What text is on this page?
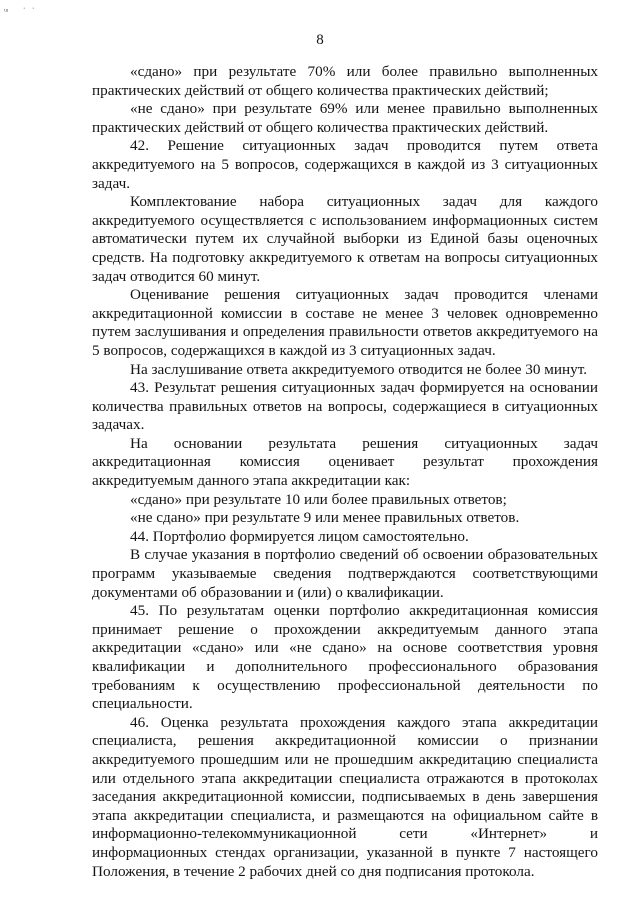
ᵚ ˈˈ
8

«сдано» при результате 70% или более правильно выполненных практических действий от общего количества практических действий;

«не сдано» при результате 69% или менее правильно выполненных практических действий от общего количества практических действий.

42. Решение ситуационных задач проводится путем ответа аккредитуемого на 5 вопросов, содержащихся в каждой из 3 ситуационных задач.

Комплектование набора ситуационных задач для каждого аккредитуемого осуществляется с использованием информационных систем автоматически путем их случайной выборки из Единой базы оценочных средств. На подготовку аккредитуемого к ответам на вопросы ситуационных задач отводится 60 минут.

Оценивание решения ситуационных задач проводится членами аккредитационной комиссии в составе не менее 3 человек одновременно путем заслушивания и определения правильности ответов аккредитуемого на 5 вопросов, содержащихся в каждой из 3 ситуационных задач.

На заслушивание ответа аккредитуемого отводится не более 30 минут.

43. Результат решения ситуационных задач формируется на основании количества правильных ответов на вопросы, содержащиеся в ситуационных задачах.

На основании результата решения ситуационных задач аккредитационная комиссия оценивает результат прохождения аккредитуемым данного этапа аккредитации как:

«сдано» при результате 10 или более правильных ответов;

«не сдано» при результате 9 или менее правильных ответов.

44. Портфолио формируется лицом самостоятельно.

В случае указания в портфолио сведений об освоении образовательных программ указываемые сведения подтверждаются соответствующими документами об образовании и (или) о квалификации.

45. По результатам оценки портфолио аккредитационная комиссия принимает решение о прохождении аккредитуемым данного этапа аккредитации «сдано» или «не сдано» на основе соответствия уровня квалификации и дополнительного профессионального образования требованиям к осуществлению профессиональной деятельности по специальности.

46. Оценка результата прохождения каждого этапа аккредитации специалиста, решения аккредитационной комиссии о признании аккредитуемого прошедшим или не прошедшим аккредитацию специалиста или отдельного этапа аккредитации специалиста отражаются в протоколах заседания аккредитационной комиссии, подписываемых в день завершения этапа аккредитации специалиста, и размещаются на официальном сайте в информационно-телекоммуникационной сети «Интернет» и информационных стендах организации, указанной в пункте 7 настоящего Положения, в течение 2 рабочих дней со дня подписания протокола.
